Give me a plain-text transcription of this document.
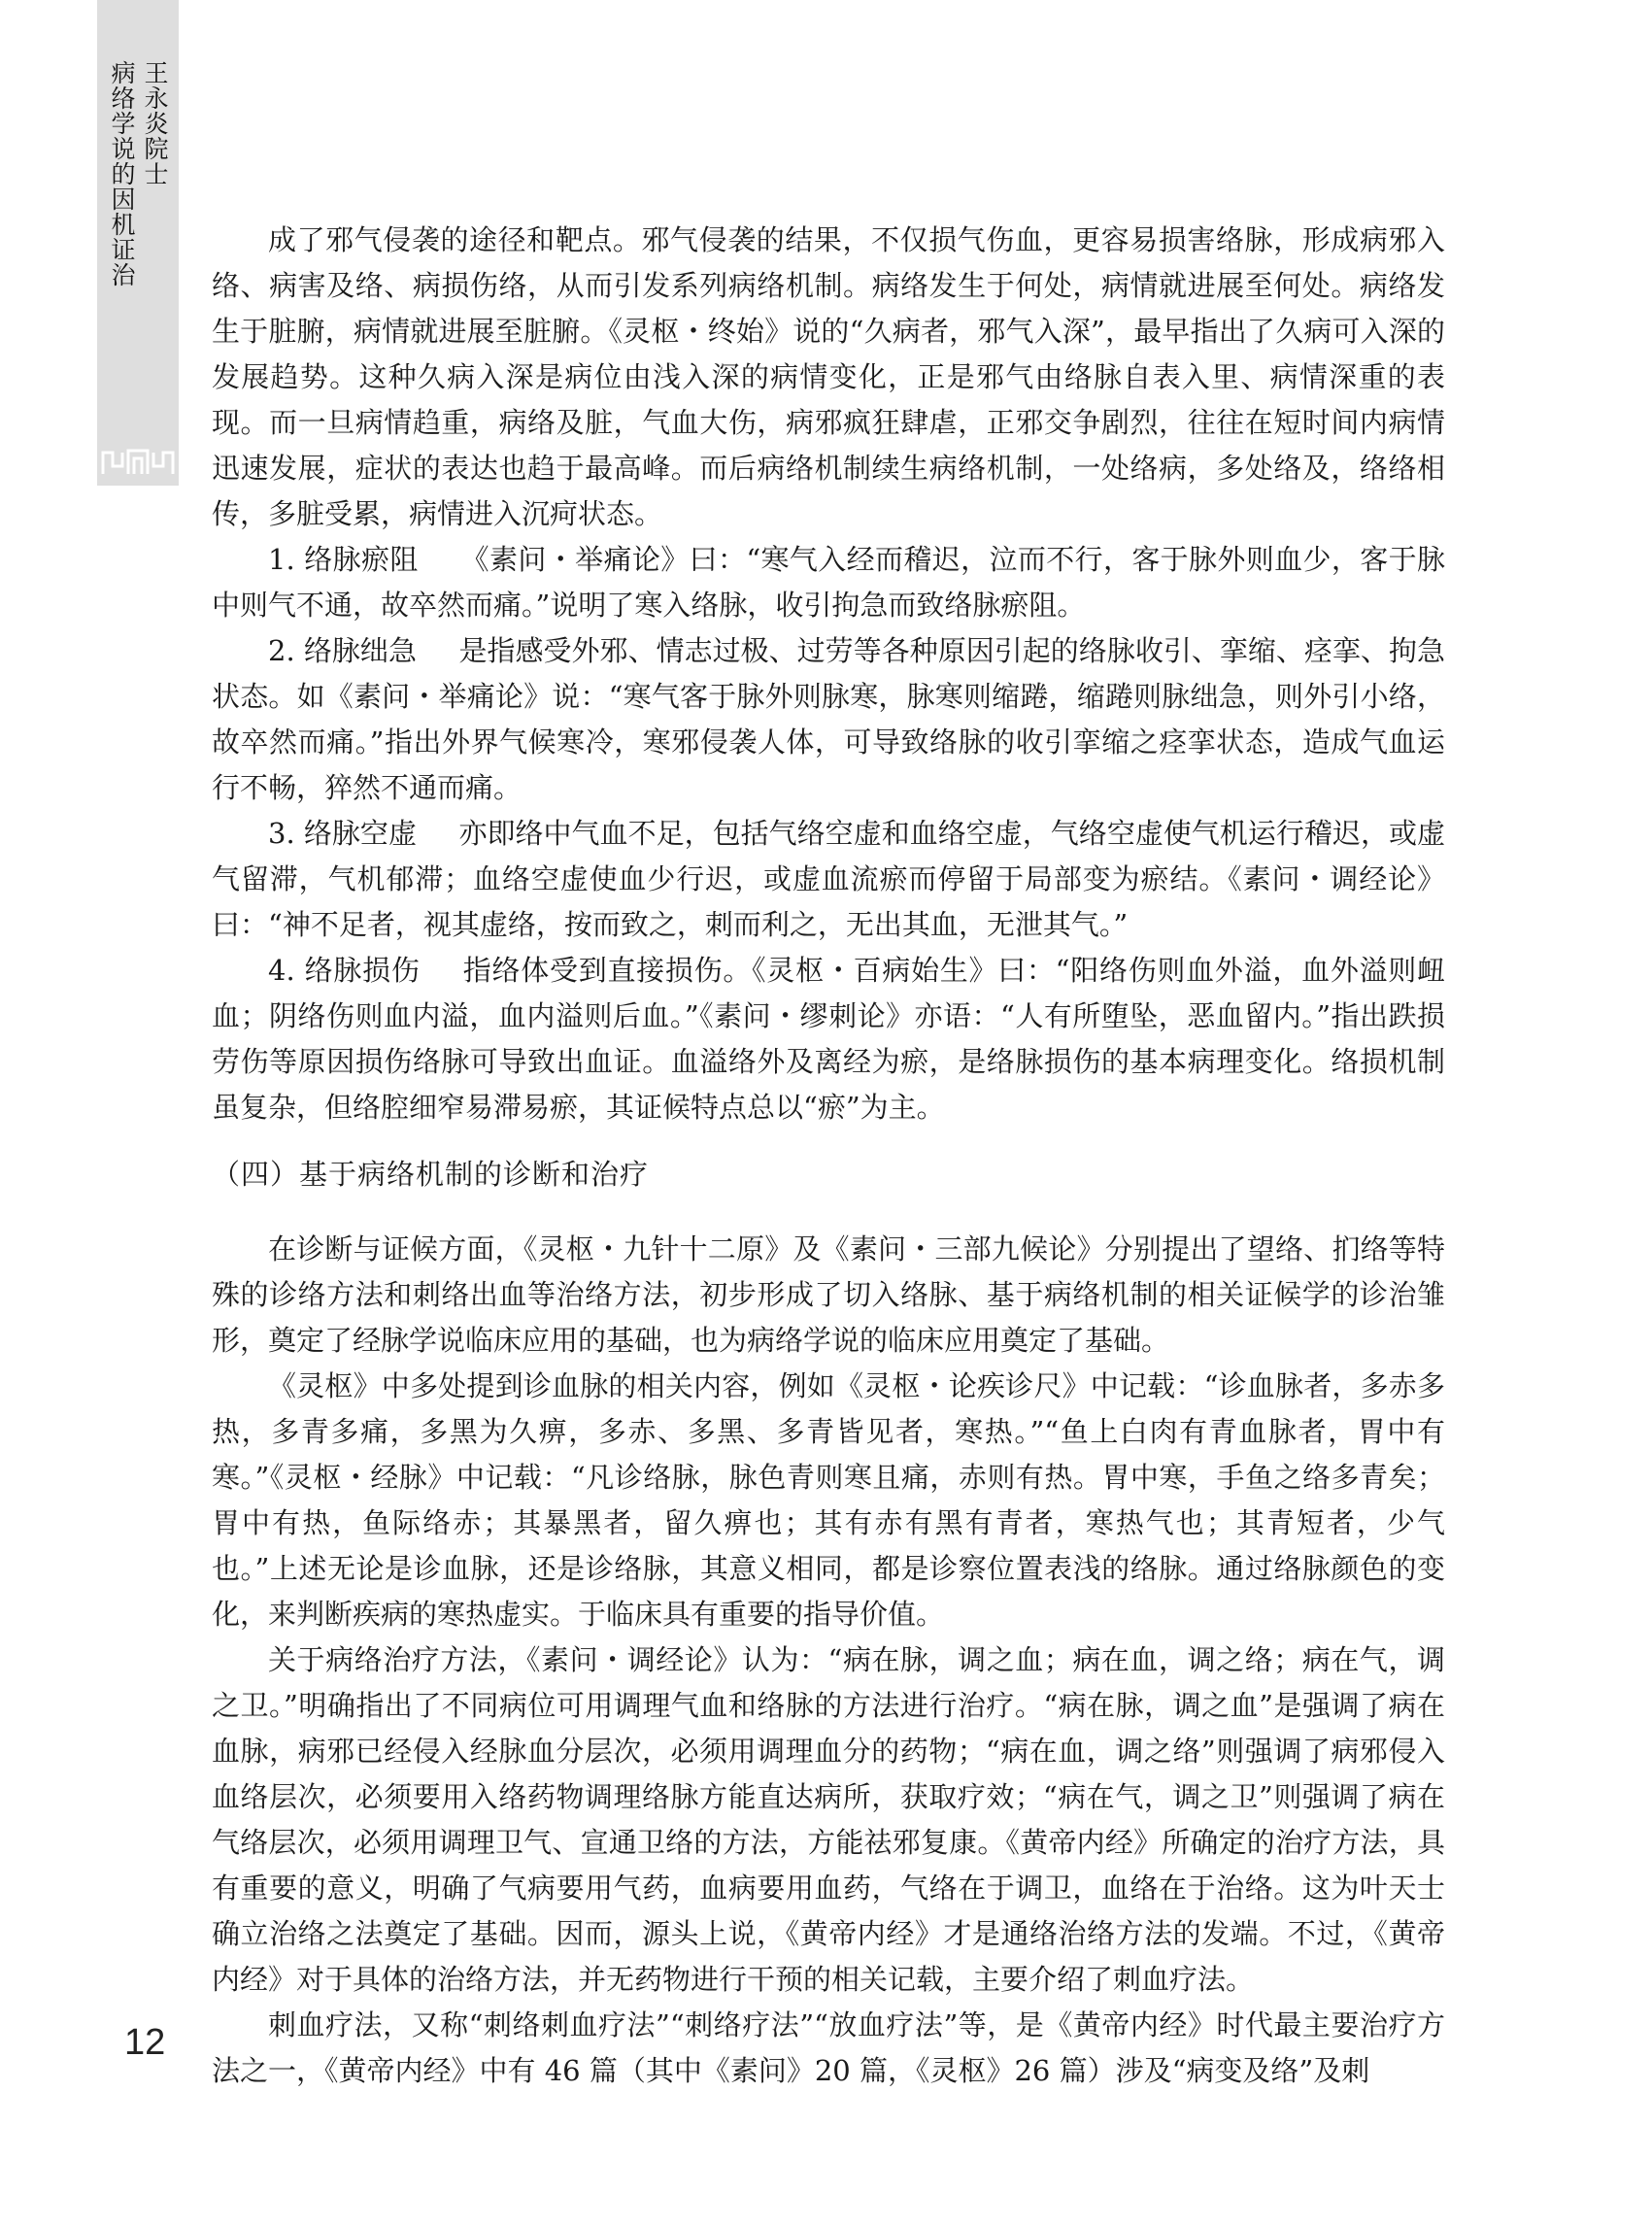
王永炎院士
病络学说的因机证治	成了邪气侵袭的途径和靶点。邪气侵袭的结果，不仅损气伤血，更容易损害络脉，形成病邪入络、病害及络、病损伤络，从而引发系列病络机制。病络发生于何处，病情就进展至何处。病络发生于脏腑，病情就进展至脏腑。《灵枢・终始》说的“久病者，邪气入深”，最早指出了久病可入深的发展趋势。这种久病入深是病位由浅入深的病情变化，正是邪气由络脉自表入里、病情深重的表现。而一旦病情趋重，病络及脏，气血大伤，病邪疯狂肆虐，正邪交争剧烈，往往在短时间内病情迅速发展，症状的表达也趋于最高峰。而后病络机制续生病络机制，一处络病，多处络及，络络相传，多脏受累，病情进入沉疴状态。

1. 络脉瘀阻 《素问・举痛论》曰：“寒气入经而稽迟，泣而不行，客于脉外则血少，客于脉中则气不通，故卒然而痛。”说明了寒入络脉，收引拘急而致络脉瘀阻。

2. 络脉绌急 是指感受外邪、情志过极、过劳等各种原因引起的络脉收引、挛缩、痉挛、拘急状态。如《素问・举痛论》说：“寒气客于脉外则脉寒，脉寒则缩踡，缩踡则脉绌急，则外引小络，故卒然而痛。”指出外界气候寒冷，寒邪侵袭人体，可导致络脉的收引挛缩之痉挛状态，造成气血运行不畅，猝然不通而痛。

3. 络脉空虚 亦即络中气血不足，包括气络空虚和血络空虚，气络空虚使气机运行稽迟，或虚气留滞，气机郁滞；血络空虚使血少行迟，或虚血流瘀而停留于局部变为瘀结。《素问・调经论》曰：“神不足者，视其虚络，按而致之，刺而利之，无出其血，无泄其气。”

4. 络脉损伤 指络体受到直接损伤。《灵枢・百病始生》曰：“阳络伤则血外溢，血外溢则衄血；阴络伤则血内溢，血内溢则后血。”《素问・缪刺论》亦语：“人有所堕坠，恶血留内。”指出跌损劳伤等原因损伤络脉可导致出血证。血溢络外及离经为瘀，是络脉损伤的基本病理变化。络损机制虽复杂，但络腔细窄易滞易瘀，其证候特点总以“瘀”为主。

（四）基于病络机制的诊断和治疗

在诊断与证候方面，《灵枢・九针十二原》及《素问・三部九候论》分别提出了望络、扪络等特殊的诊络方法和刺络出血等治络方法，初步形成了切入络脉、基于病络机制的相关证候学的诊治雏形，奠定了经脉学说临床应用的基础，也为病络学说的临床应用奠定了基础。

《灵枢》中多处提到诊血脉的相关内容，例如《灵枢・论疾诊尺》中记载：“诊血脉者，多赤多热，多青多痛，多黑为久痹，多赤、多黑、多青皆见者，寒热。”“鱼上白肉有青血脉者，胃中有寒。”《灵枢・经脉》中记载：“凡诊络脉，脉色青则寒且痛，赤则有热。胃中寒，手鱼之络多青矣；胃中有热，鱼际络赤；其暴黑者，留久痹也；其有赤有黑有青者，寒热气也；其青短者，少气也。”上述无论是诊血脉，还是诊络脉，其意义相同，都是诊察位置表浅的络脉。通过络脉颜色的变化，来判断疾病的寒热虚实。于临床具有重要的指导价值。

关于病络治疗方法，《素问・调经论》认为：“病在脉，调之血；病在血，调之络；病在气，调之卫。”明确指出了不同病位可用调理气血和络脉的方法进行治疗。“病在脉，调之血”是强调了病在血脉，病邪已经侵入经脉血分层次，必须用调理血分的药物；“病在血，调之络”则强调了病邪侵入血络层次，必须要用入络药物调理络脉方能直达病所，获取疗效；“病在气，调之卫”则强调了病在气络层次，必须用调理卫气、宣通卫络的方法，方能祛邪复康。《黄帝内经》所确定的治疗方法，具有重要的意义，明确了气病要用气药，血病要用血药，气络在于调卫，血络在于治络。这为叶天士确立治络之法奠定了基础。因而，源头上说，《黄帝内经》才是通络治络方法的发端。不过，《黄帝内经》对于具体的治络方法，并无药物进行干预的相关记载，主要介绍了刺血疗法。

刺血疗法，又称“刺络刺血疗法”“刺络疗法”“放血疗法”等，是《黄帝内经》时代最主要治疗方法之一，《黄帝内经》中有 46 篇（其中《素问》20 篇，《灵枢》26 篇）涉及“病变及络”及刺

12
